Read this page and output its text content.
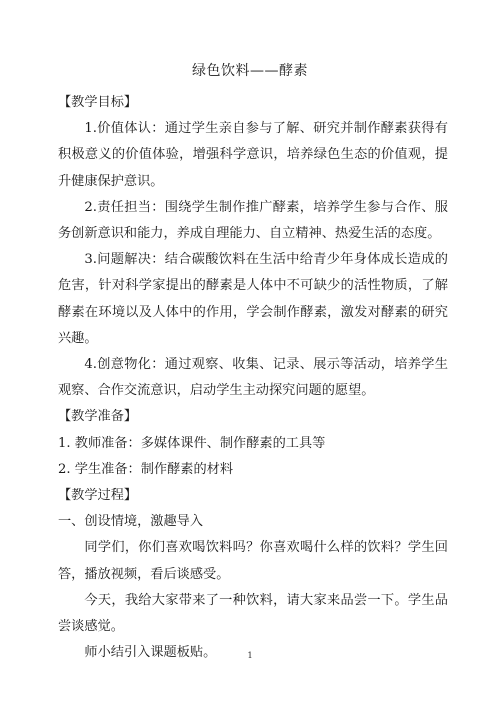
绿色饮料——酵素
【教学目标】
1.价值体认：通过学生亲自参与了解、研究并制作酵素获得有积极意义的价值体验，增强科学意识，培养绿色生态的价值观，提升健康保护意识。
2.责任担当：围绕学生制作推广酵素，培养学生参与合作、服务创新意识和能力，养成自理能力、自立精神、热爱生活的态度。
3.问题解决：结合碳酸饮料在生活中给青少年身体成长造成的危害，针对科学家提出的酵素是人体中不可缺少的活性物质，了解酵素在环境以及人体中的作用，学会制作酵素，激发对酵素的研究兴趣。
4.创意物化：通过观察、收集、记录、展示等活动，培养学生观察、合作交流意识，启动学生主动探究问题的愿望。
【教学准备】
1. 教师准备：多媒体课件、制作酵素的工具等
2. 学生准备：制作酵素的材料
【教学过程】
一、创设情境，激趣导入
同学们，你们喜欢喝饮料吗？你喜欢喝什么样的饮料？学生回答，播放视频，看后谈感受。
今天，我给大家带来了一种饮料，请大家来品尝一下。学生品尝谈感觉。
师小结引入课题板贴。	1
